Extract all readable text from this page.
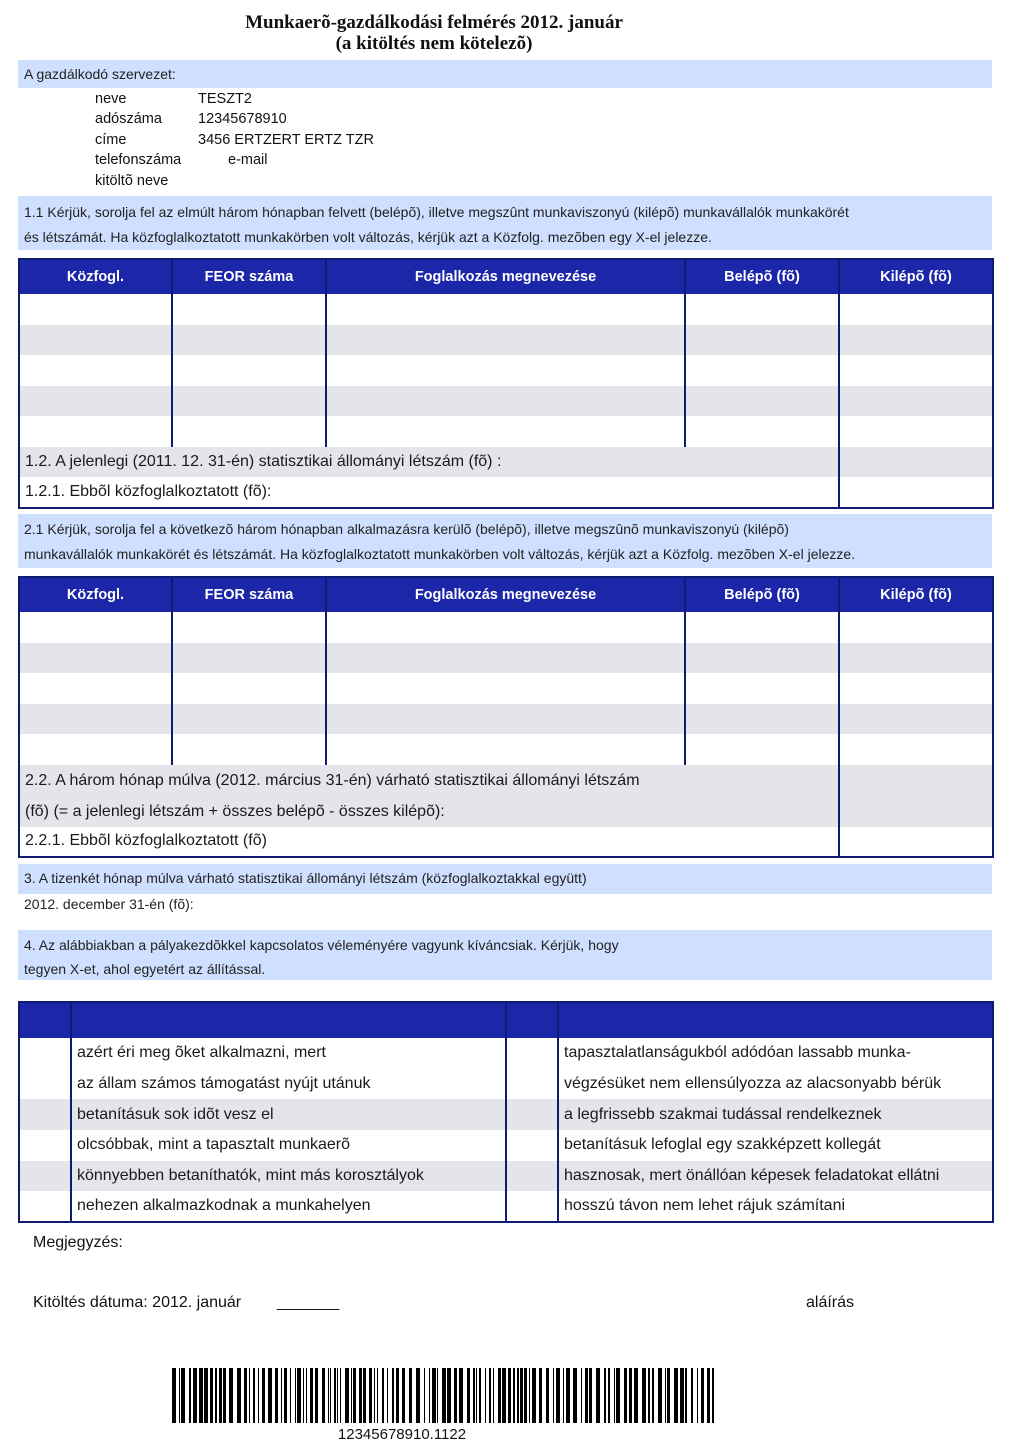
Munkaerõ-gazdálkodási felmérés 2012. január
(a kitöltés nem kötelezõ)
A gazdálkodó szervezet:
neve	TESZT2
adószáma 12345678910
címe	3456 ERTZERT ERTZ TZR
telefonszáma	e-mail
kitöltõ neve
1.1 Kérjük, sorolja fel az elmúlt három hónapban felvett (belépõ), illetve megszûnt munkaviszonyú (kilépõ) munkavállalók munkakörét
és létszámát. Ha közfoglalkoztatott munkakörben volt változás, kérjük azt a Közfolg. mezõben egy X-el jelezze.
Közfogl.	FEOR száma	Foglalkozás megnevezése	Belépõ (fõ)	Kilépõ (fõ)

1.2. A jelenlegi (2011. 12. 31-én) statisztikai állományi létszám (fõ) :				
1.2.1. Ebbõl közfoglalkoztatott (fõ):				
2.1 Kérjük, sorolja fel a következõ három hónapban alkalmazásra kerülõ (belépõ), illetve megszûnõ munkaviszonyú (kilépõ)
munkavállalók munkakörét és létszámát. Ha közfoglalkoztatott munkakörben volt változás, kérjük azt a Közfolg. mezõben X-el jelezze.
Közfogl.	FEOR száma	Foglalkozás megnevezése	Belépõ (fõ)	Kilépõ (fõ)

2.2. A három hónap múlva (2012. március 31-én) várható statisztikai állományi létszám
(fõ) (= a jelenlegi létszám + összes belépõ - összes kilépõ):				

2.2.1. Ebbõl közfoglalkoztatott (fõ)				
3. A tizenkét hónap múlva várható statisztikai állományi létszám (közfoglalkoztakkal együtt)
2012. december 31-én (fõ):
4. Az alábbiakban a pályakezdõkkel kapcsolatos véleményére vagyunk kíváncsiak. Kérjük, hogy
tegyen X-et, ahol egyetért az állítással.

	azért éri meg õket alkalmazni, mert		tapasztalatlanságukból adódóan lassabb munka-
	az állam számos támogatást nyújt utánuk		végzésüket nem ellensúlyozza az alacsonyabb bérük
	betanításuk sok idõt vesz el		a legfrissebb szakmai tudással rendelkeznek
	olcsóbbak, mint a tapasztalt munkaerõ		betanításuk lefoglal egy szakképzett kollegát
	könnyebben betaníthatók, mint más korosztályok		hasznosak, mert önállóan képesek feladatokat ellátni
	nehezen alkalmazkodnak a munkahelyen		hosszú távon nem lehet rájuk számítani
Megjegyzés:
Kitöltés dátuma: 2012. január _______	aláírás
12345678910.1122
